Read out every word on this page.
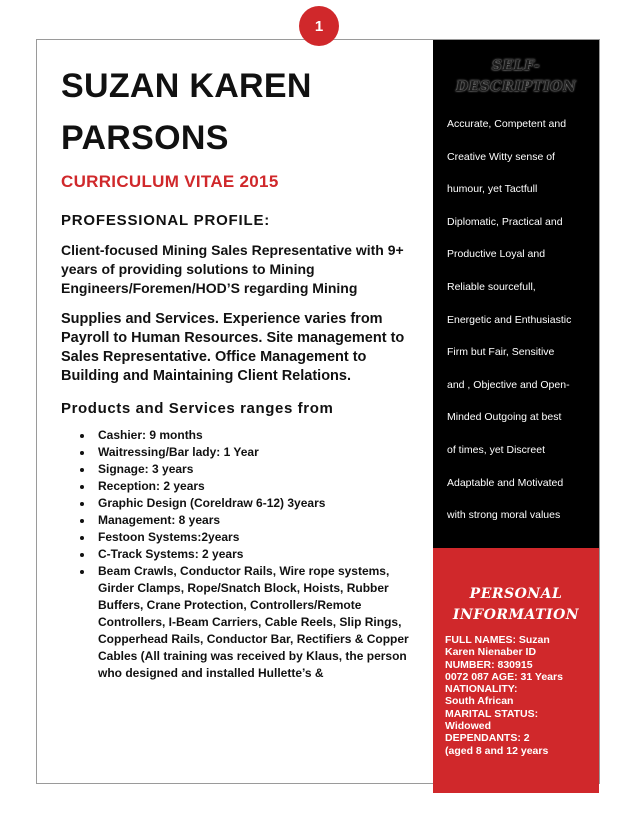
1
SUZAN KAREN
PARSONS
CURRICULUM VITAE 2015
PROFESSIONAL PROFILE:
Client-focused Mining Sales Representative with 9+ years of providing solutions to Mining Engineers/Foremen/HOD’S regarding Mining
Supplies and Services. Experience varies from Payroll to Human Resources. Site management to Sales Representative. Office Management to Building and Maintaining Client Relations.
Products and Services ranges from
• Cashier: 9 months
• Waitressing/Bar lady: 1 Year
• Signage: 3 years
• Reception: 2 years
• Graphic Design (Coreldraw 6-12) 3years
• Management: 8 years
• Festoon Systems:2years
• C-Track Systems: 2 years
• Beam Crawls, Conductor Rails, Wire rope systems, Girder Clamps, Rope/Snatch Block, Hoists, Rubber Buffers, Crane Protection, Controllers/Remote Controllers, I-Beam Carriers, Cable Reels, Slip Rings, Copperhead Rails, Conductor Bar, Rectifiers & Copper Cables (All training was received by Klaus, the person who designed and installed Hullette’s &
SELF-
DESCRIPTION
Accurate, Competent and
Creative Witty sense of
humour, yet Tactfull
Diplomatic, Practical and
Productive Loyal and
Reliable sourcefull,
Energetic and Enthusiastic
Firm but Fair, Sensitive
and , Objective and Open-
Minded Outgoing at best
of times, yet Discreet
Adaptable and Motivated
with strong moral values
PERSONAL
INFORMATION
FULL NAMES: Suzan
Karen Nienaber ID
NUMBER: 830915
0072 087 AGE: 31 Years
NATIONALITY:
South African
MARITAL STATUS:
Widowed
DEPENDANTS: 2
(aged 8 and 12 years
